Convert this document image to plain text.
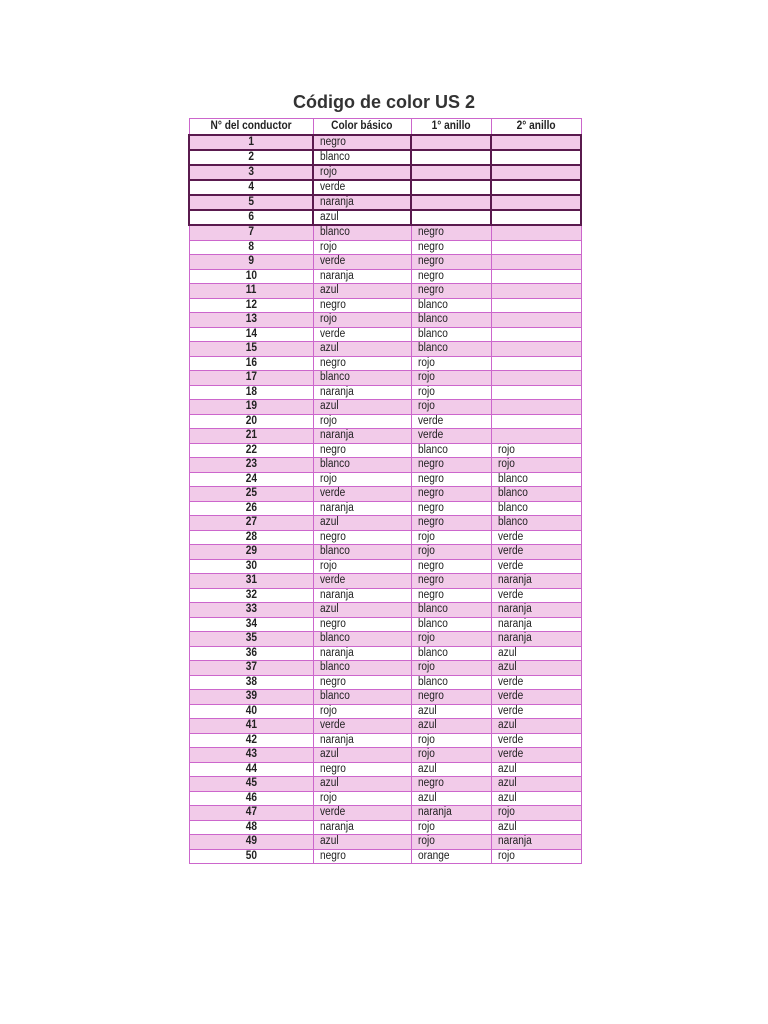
Código de color US 2
N° del conductor	Color básico	1° anillo	2° anillo
1	negro		
2	blanco		
3	rojo		
4	verde		
5	naranja		
6	azul		
7	blanco	negro	
8	rojo	negro	
9	verde	negro	
10	naranja	negro	
11	azul	negro	
12	negro	blanco	
13	rojo	blanco	
14	verde	blanco	
15	azul	blanco	
16	negro	rojo	
17	blanco	rojo	
18	naranja	rojo	
19	azul	rojo	
20	rojo	verde	
21	naranja	verde	
22	negro	blanco	rojo
23	blanco	negro	rojo
24	rojo	negro	blanco
25	verde	negro	blanco
26	naranja	negro	blanco
27	azul	negro	blanco
28	negro	rojo	verde
29	blanco	rojo	verde
30	rojo	negro	verde
31	verde	negro	naranja
32	naranja	negro	verde
33	azul	blanco	naranja
34	negro	blanco	naranja
35	blanco	rojo	naranja
36	naranja	blanco	azul
37	blanco	rojo	azul
38	negro	blanco	verde
39	blanco	negro	verde
40	rojo	azul	verde
41	verde	azul	azul
42	naranja	rojo	verde
43	azul	rojo	verde
44	negro	azul	azul
45	azul	negro	azul
46	rojo	azul	azul
47	verde	naranja	rojo
48	naranja	rojo	azul
49	azul	rojo	naranja
50	negro	orange	rojo
